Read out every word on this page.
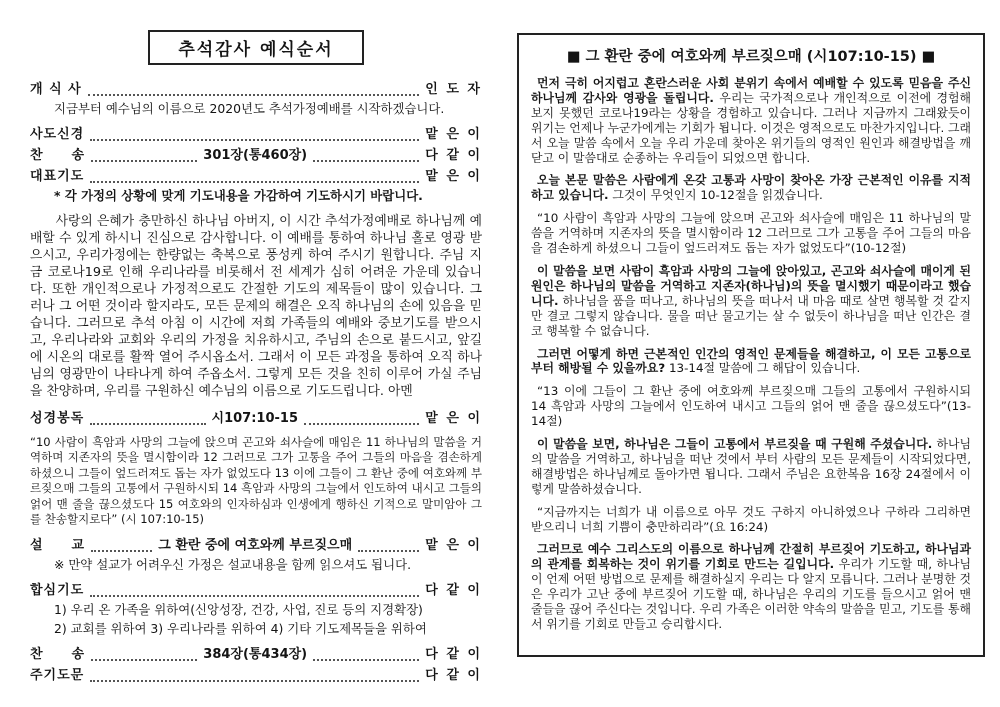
추석감사 예식순서
개 식 사	인 도 자
지금부터 예수님의 이름으로 2020년도 추석가정예배를 시작하겠습니다.
사도신경	맡 은 이
찬　　송	301장(통460장)	다 같 이
대표기도	맡 은 이
* 각 가정의 상황에 맞게 기도내용을 가감하여 기도하시기 바랍니다.
사랑의 은혜가 충만하신 하나님 아버지, 이 시간 추석가정예배로 하나님께 예배할 수 있게 하시니 진심으로 감사합니다. 이 예배를 통하여 하나님 홀로 영광 받으시고, 우리가정에는 한량없는 축복으로 풍성케 하여 주시기 원합니다. 주님 지금 코로나19로 인해 우리나라를 비롯해서 전 세계가 심히 어려운 가운데 있습니다. 또한 개인적으로나 가정적으로도 간절한 기도의 제목들이 많이 있습니다. 그러나 그 어떤 것이라 할지라도, 모든 문제의 해결은 오직 하나님의 손에 있음을 믿습니다. 그러므로 추석 아침 이 시간에 저희 가족들의 예배와 중보기도를 받으시고, 우리나라와 교회와 우리의 가정을 치유하시고, 주님의 손으로 붙드시고, 앞길에 시온의 대로를 활짝 열어 주시옵소서. 그래서 이 모든 과정을 통하여 오직 하나님의 영광만이 나타나게 하여 주옵소서. 그렇게 모든 것을 친히 이루어 가실 주님을 찬양하며, 우리를 구원하신 예수님의 이름으로 기도드립니다. 아멘
성경봉독	시107:10-15	맡 은 이
“10 사람이 흑암과 사망의 그늘에 앉으며 곤고와 쇠사슬에 매임은 11 하나님의 말씀을 거역하며 지존자의 뜻을 멸시함이라 12 그러므로 그가 고통을 주어 그들의 마음을 겸손하게 하셨으니 그들이 엎드러져도 돕는 자가 없었도다 13 이에 그들이 그 환난 중에 여호와께 부르짖으매 그들의 고통에서 구원하시되 14 흑암과 사망의 그늘에서 인도하여 내시고 그들의 얽어 맨 줄을 끊으셨도다 15 여호와의 인자하심과 인생에게 행하신 기적으로 말미암아 그를 찬송할지로다” (시 107:10-15)
설　　교	그 환란 중에 여호와께 부르짖으매	맡 은 이
※ 만약 설교가 어려우신 가정은 설교내용을 함께 읽으셔도 됩니다.
합심기도	다 같 이
1) 우리 온 가족을 위하여(신앙성장, 건강, 사업, 진로 등의 지경확장)
2) 교회를 위하여 3) 우리나라를 위하여 4) 기타 기도제목들을 위하여
찬　　송	384장(통434장)	다 같 이
주기도문	다 같 이
■ 그 환란 중에 여호와께 부르짖으매 (시107:10-15) ■

먼저 극히 어지럽고 혼란스러운 사회 분위기 속에서 예배할 수 있도록 믿음을 주신 하나님께 감사와 영광을 돌립니다. 우리는 국가적으로나 개인적으로 이전에 경험해 보지 못했던 코로나19라는 상황을 경험하고 있습니다. 그러나 지금까지 그래왔듯이 위기는 언제나 누군가에게는 기회가 됩니다. 이것은 영적으로도 마찬가지입니다. 그래서 오늘 말씀 속에서 오늘 우리 가운데 찾아온 위기들의 영적인 원인과 해결방법을 깨닫고 이 말씀대로 순종하는 우리들이 되었으면 합니다.

오늘 본문 말씀은 사람에게 온갖 고통과 사망이 찾아온 가장 근본적인 이유를 지적하고 있습니다. 그것이 무엇인지 10-12절을 읽겠습니다.

“10 사람이 흑암과 사망의 그늘에 앉으며 곤고와 쇠사슬에 매임은 11 하나님의 말씀을 거역하며 지존자의 뜻을 멸시함이라 12 그러므로 그가 고통을 주어 그들의 마음을 겸손하게 하셨으니 그들이 엎드러져도 돕는 자가 없었도다”(10-12절)

이 말씀을 보면 사람이 흑암과 사망의 그늘에 앉아있고, 곤고와 쇠사슬에 매이게 된 원인은 하나님의 말씀을 거역하고 지존자(하나님)의 뜻을 멸시했기 때문이라고 했습니다. 하나님을 품을 떠나고, 하나님의 뜻을 떠나서 내 마음 때로 살면 행복할 것 같지만 결코 그렇지 않습니다. 물을 떠난 물고기는 살 수 없듯이 하나님을 떠난 인간은 결코 행복할 수 없습니다.

그러면 어떻게 하면 근본적인 인간의 영적인 문제들을 해결하고, 이 모든 고통으로부터 해방될 수 있을까요? 13-14절 말씀에 그 해답이 있습니다.

“13 이에 그들이 그 환난 중에 여호와께 부르짖으매 그들의 고통에서 구원하시되 14 흑암과 사망의 그늘에서 인도하여 내시고 그들의 얽어 맨 줄을 끊으셨도다”(13-14절)

이 말씀을 보면, 하나님은 그들이 고통에서 부르짖을 때 구원해 주셨습니다. 하나님의 말씀을 거역하고, 하나님을 떠난 것에서 부터 사람의 모든 문제들이 시작되었다면, 해결방법은 하나님께로 돌아가면 됩니다. 그래서 주님은 요한복음 16장 24절에서 이렇게 말씀하셨습니다.

“지금까지는 너희가 내 이름으로 아무 것도 구하지 아니하였으나 구하라 그리하면 받으리니 너희 기쁨이 충만하리라”(요 16:24)

그러므로 예수 그리스도의 이름으로 하나님께 간절히 부르짖어 기도하고, 하나님과의 관계를 회복하는 것이 위기를 기회로 만드는 길입니다. 우리가 기도할 때, 하나님이 언제 어떤 방법으로 문제를 해결하실지 우리는 다 알지 모릅니다. 그러나 분명한 것은 우리가 고난 중에 부르짖어 기도할 때, 하나님은 우리의 기도를 들으시고 얽어 맨 줄들을 끊어 주신다는 것입니다. 우리 가족은 이러한 약속의 말씀을 믿고, 기도를 통해서 위기를 기회로 만들고 승리합시다.
